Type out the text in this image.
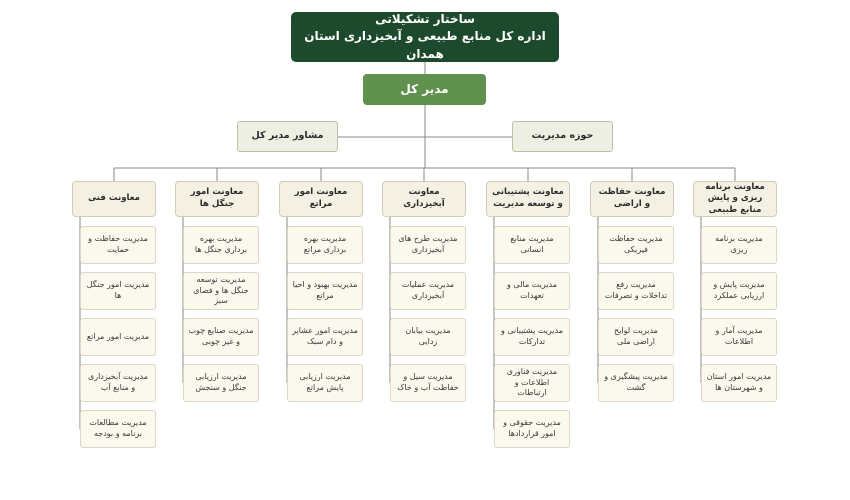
ساختار تشکیلاتی
اداره کل منابع طبیعی و آبخیزداری استان همدان
مدیر کل
مشاور مدیر کل	حوزه مدیریت
معاونت برنامه ریزی و پایش منابع طبیعی
مدیریت برنامه ریزی
مدیریت پایش و ارزیابی عملکرد
مدیریت آمار و اطلاعات
مدیریت امور استان و شهرستان ها
معاونت حفاظت و اراضی
مدیریت حفاظت فیزیکی
مدیریت رفع تداخلات و تصرفات
مدیریت لوایح اراضی ملی
مدیریت پیشگیری و گشت
معاونت پشتیبانی و توسعه مدیریت
مدیریت منابع انسانی
مدیریت مالی و تعهدات
مدیریت پشتیبانی و تدارکات
مدیریت فناوری اطلاعات و ارتباطات
مدیریت حقوقی و امور قراردادها
معاونت آبخیزداری
مدیریت طرح های آبخیزداری
مدیریت عملیات آبخیزداری
مدیریت بیابان زدایی
مدیریت سیل و حفاظت آب و خاک
معاونت امور مراتع
مدیریت بهره برداری مراتع
مدیریت بهبود و احیا مراتع
مدیریت امور عشایر و دام سبک
مدیریت ارزیابی پایش مراتع
معاونت امور جنگل ها
مدیریت بهره برداری جنگل ها
مدیریت توسعه جنگل ها و فضای سبز
مدیریت صنایع چوب و غیر چوبی
مدیریت ارزیابی جنگل و سنجش
معاونت فنی
مدیریت حفاظت و حمایت
مدیریت امور جنگل ها
مدیریت امور مراتع
مدیریت آبخیزداری و منابع آب
مدیریت مطالعات برنامه و بودجه
